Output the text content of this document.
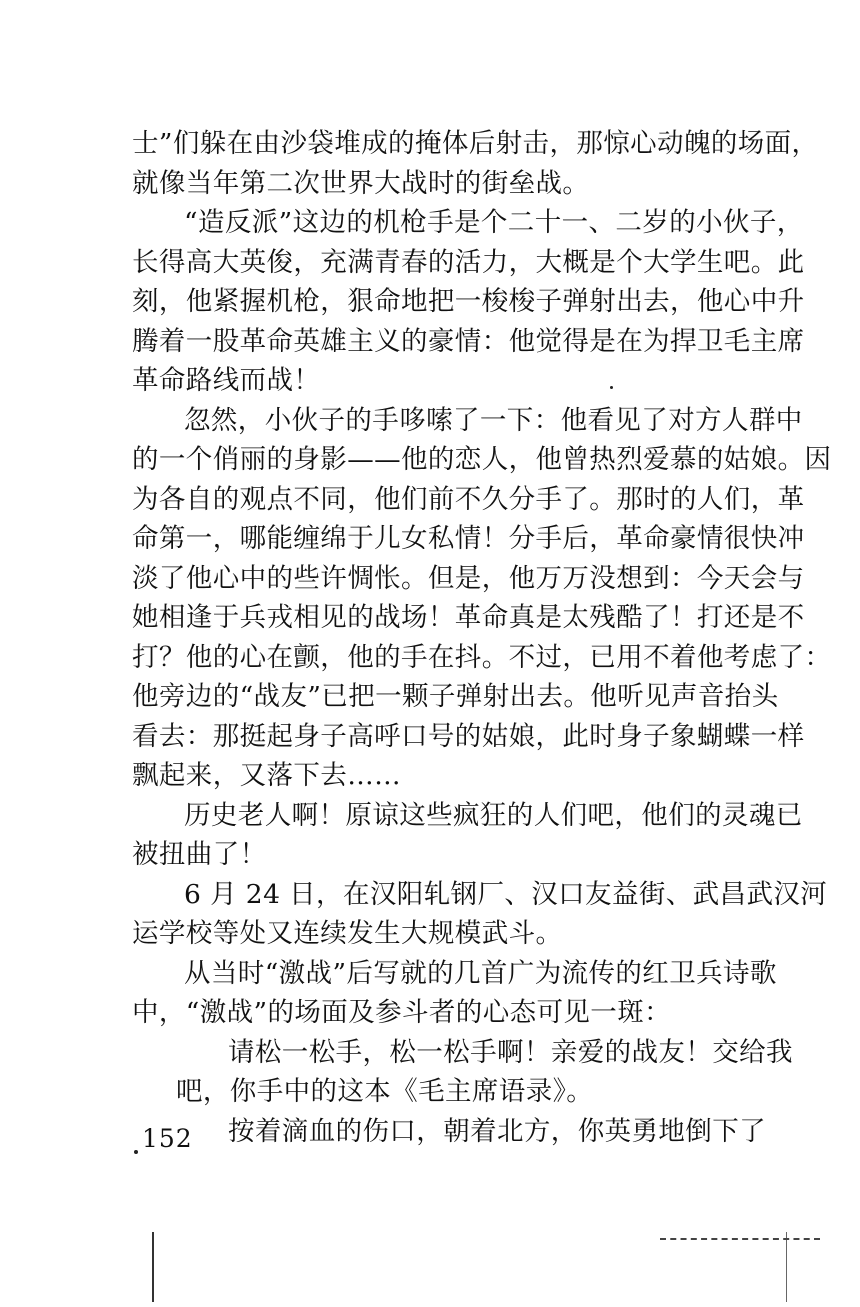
士”们躲在由沙袋堆成的掩体后射击，那惊心动魄的场面，
就像当年第二次世界大战时的街垒战。
“造反派”这边的机枪手是个二十一、二岁的小伙子，
长得高大英俊，充满青春的活力，大概是个大学生吧。此
刻，他紧握机枪，狠命地把一梭梭子弹射出去，他心中升
腾着一股革命英雄主义的豪情：他觉得是在为捍卫毛主席
革命路线而战！
忽然，小伙子的手哆嗦了一下：他看见了对方人群中
的一个俏丽的身影——他的恋人，他曾热烈爱慕的姑娘。因
为各自的观点不同，他们前不久分手了。那时的人们，革
命第一，哪能缠绵于儿女私情！分手后，革命豪情很快冲
淡了他心中的些许惆怅。但是，他万万没想到：今天会与
她相逢于兵戎相见的战场！革命真是太残酷了！打还是不
打？他的心在颤，他的手在抖。不过，已用不着他考虑了：
他旁边的“战友”已把一颗子弹射出去。他听见声音抬头
看去：那挺起身子高呼口号的姑娘，此时身子象蝴蝶一样
飘起来，又落下去……
历史老人啊！原谅这些疯狂的人们吧，他们的灵魂已
被扭曲了！
6 月 24 日，在汉阳轧钢厂、汉口友益街、武昌武汉河
运学校等处又连续发生大规模武斗。
从当时“激战”后写就的几首广为流传的红卫兵诗歌
中，“激战”的场面及参斗者的心态可见一斑：
请松一松手，松一松手啊！亲爱的战友！交给我
吧，你手中的这本《毛主席语录》。
按着滴血的伤口，朝着北方，你英勇地倒下了
152
